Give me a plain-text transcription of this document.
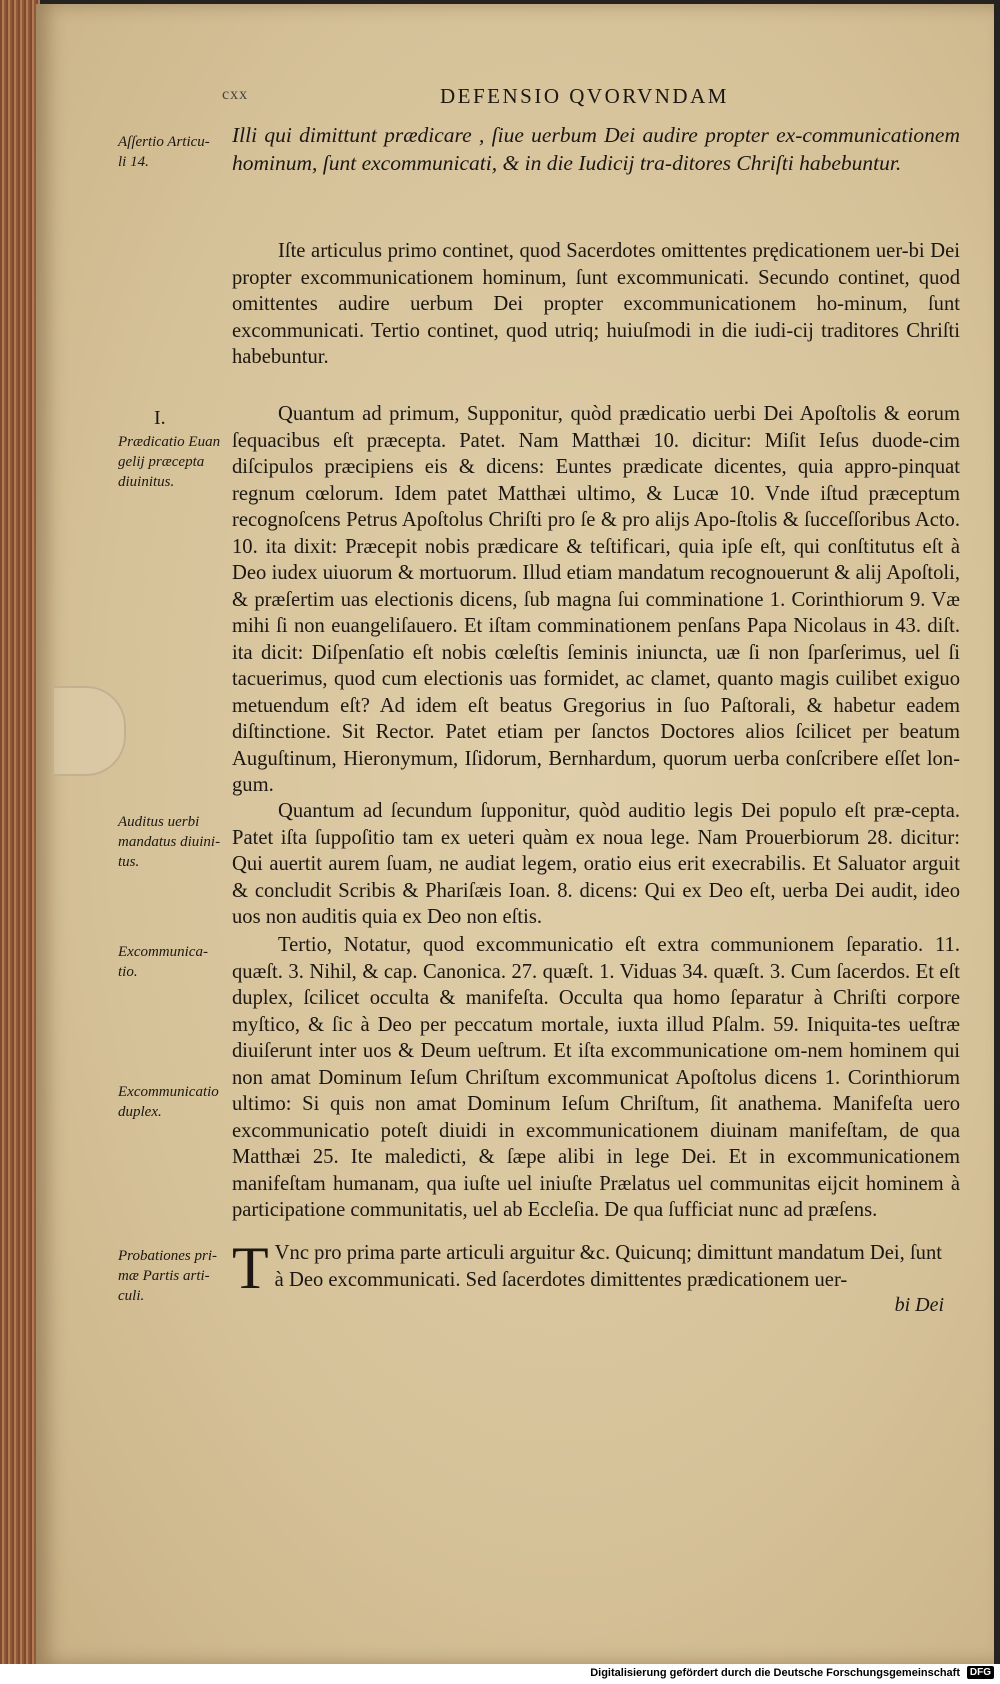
cxx	DEFENSIO QVORVNDAM

Aſſertio Articu-
li 14.

Illi qui dimittunt prædicare , ſiue uerbum Dei audire propter ex-communicationem hominum, ſunt excommunicati, & in die Iudicij tra-ditores Chriſti habebuntur.

Iſte articulus primo continet, quod Sacerdotes omittentes prędicationem uer-bi Dei propter excommunicationem hominum, ſunt excommunicati. Secundo continet, quod omittentes audire uerbum Dei propter excommunicationem ho-minum, ſunt excommunicati. Tertio continet, quod utriq; huiuſmodi in die iudi-cij traditores Chriſti habebuntur.

I.

Prædicatio Euan
gelij præcepta
diuinitus.

Quantum ad primum, Supponitur, quòd prædicatio uerbi Dei Apoſtolis & eorum ſequacibus eſt præcepta. Patet. Nam Matthæi 10. dicitur: Miſit Ieſus duode-cim diſcipulos præcipiens eis & dicens: Euntes prædicate dicentes, quia appro-pinquat regnum cœlorum. Idem patet Matthæi ultimo, & Lucæ 10. Vnde iſtud præceptum recognoſcens Petrus Apoſtolus Chriſti pro ſe & pro alijs Apo-ſtolis & ſucceſſoribus Acto. 10. ita dixit: Præcepit nobis prædicare & teſtificari, quia ipſe eſt, qui conſtitutus eſt à Deo iudex uiuorum & mortuorum. Illud etiam mandatum recognouerunt & alij Apoſtoli, & præſertim uas electionis dicens, ſub magna ſui comminatione 1. Corinthiorum 9. Væ mihi ſi non euangeliſauero. Et iſtam comminationem penſans Papa Nicolaus in 43. diſt. ita dicit: Diſpenſatio eſt nobis cœleſtis ſeminis iniuncta, uæ ſi non ſparſerimus, uel ſi tacuerimus, quod cum electionis uas formidet, ac clamet, quanto magis cuilibet exiguo metuendum eſt? Ad idem eſt beatus Gregorius in ſuo Paſtorali, & habetur eadem diſtinctione. Sit Rector. Patet etiam per ſanctos Doctores alios ſcilicet per beatum Auguſtinum, Hieronymum, Iſidorum, Bernhardum, quorum uerba conſcribere eſſet lon-gum.

Auditus uerbi
mandatus diuini-
tus.

Quantum ad ſecundum ſupponitur, quòd auditio legis Dei populo eſt præ-cepta. Patet iſta ſuppoſitio tam ex ueteri quàm ex noua lege. Nam Prouerbiorum 28. dicitur: Qui auertit aurem ſuam, ne audiat legem, oratio eius erit execrabilis. Et Saluator arguit & concludit Scribis & Phariſæis Ioan. 8. dicens: Qui ex Deo eſt, uerba Dei audit, ideo uos non auditis quia ex Deo non eſtis.

Excommunica-
tio.

Excommunicatio
duplex.

Tertio, Notatur, quod excommunicatio eſt extra communionem ſeparatio. 11. quæſt. 3. Nihil, & cap. Canonica. 27. quæſt. 1. Viduas 34. quæſt. 3. Cum ſacerdos. Et eſt duplex, ſcilicet occulta & manifeſta. Occulta qua homo ſeparatur à Chriſti corpore myſtico, & ſic à Deo per peccatum mortale, iuxta illud Pſalm. 59. Iniquita-tes ueſtræ diuiſerunt inter uos & Deum ueſtrum. Et iſta excommunicatione om-nem hominem qui non amat Dominum Ieſum Chriſtum excommunicat Apoſtolus dicens 1. Corinthiorum ultimo: Si quis non amat Dominum Ieſum Chriſtum, ſit anathema. Manifeſta uero excommunicatio poteſt diuidi in excommunicationem diuinam manifeſtam, de qua Matthæi 25. Ite maledicti, & ſæpe alibi in lege Dei. Et in excommunicationem manifeſtam humanam, qua iuſte uel iniuſte Prælatus uel communitas eijcit hominem à participatione communitatis, uel ab Eccleſia. De qua ſufficiat nunc ad præſens.

Probationes pri-
mæ Partis arti-
culi.	T Vnc pro prima parte articuli arguitur &c. Quicunq; dimittunt mandatum Dei, ſunt à Deo excommunicati. Sed ſacerdotes dimittentes prædicationem uer-

bi Dei
Digitalisierung gefördert durch die Deutsche Forschungsgemeinschaft DFG
